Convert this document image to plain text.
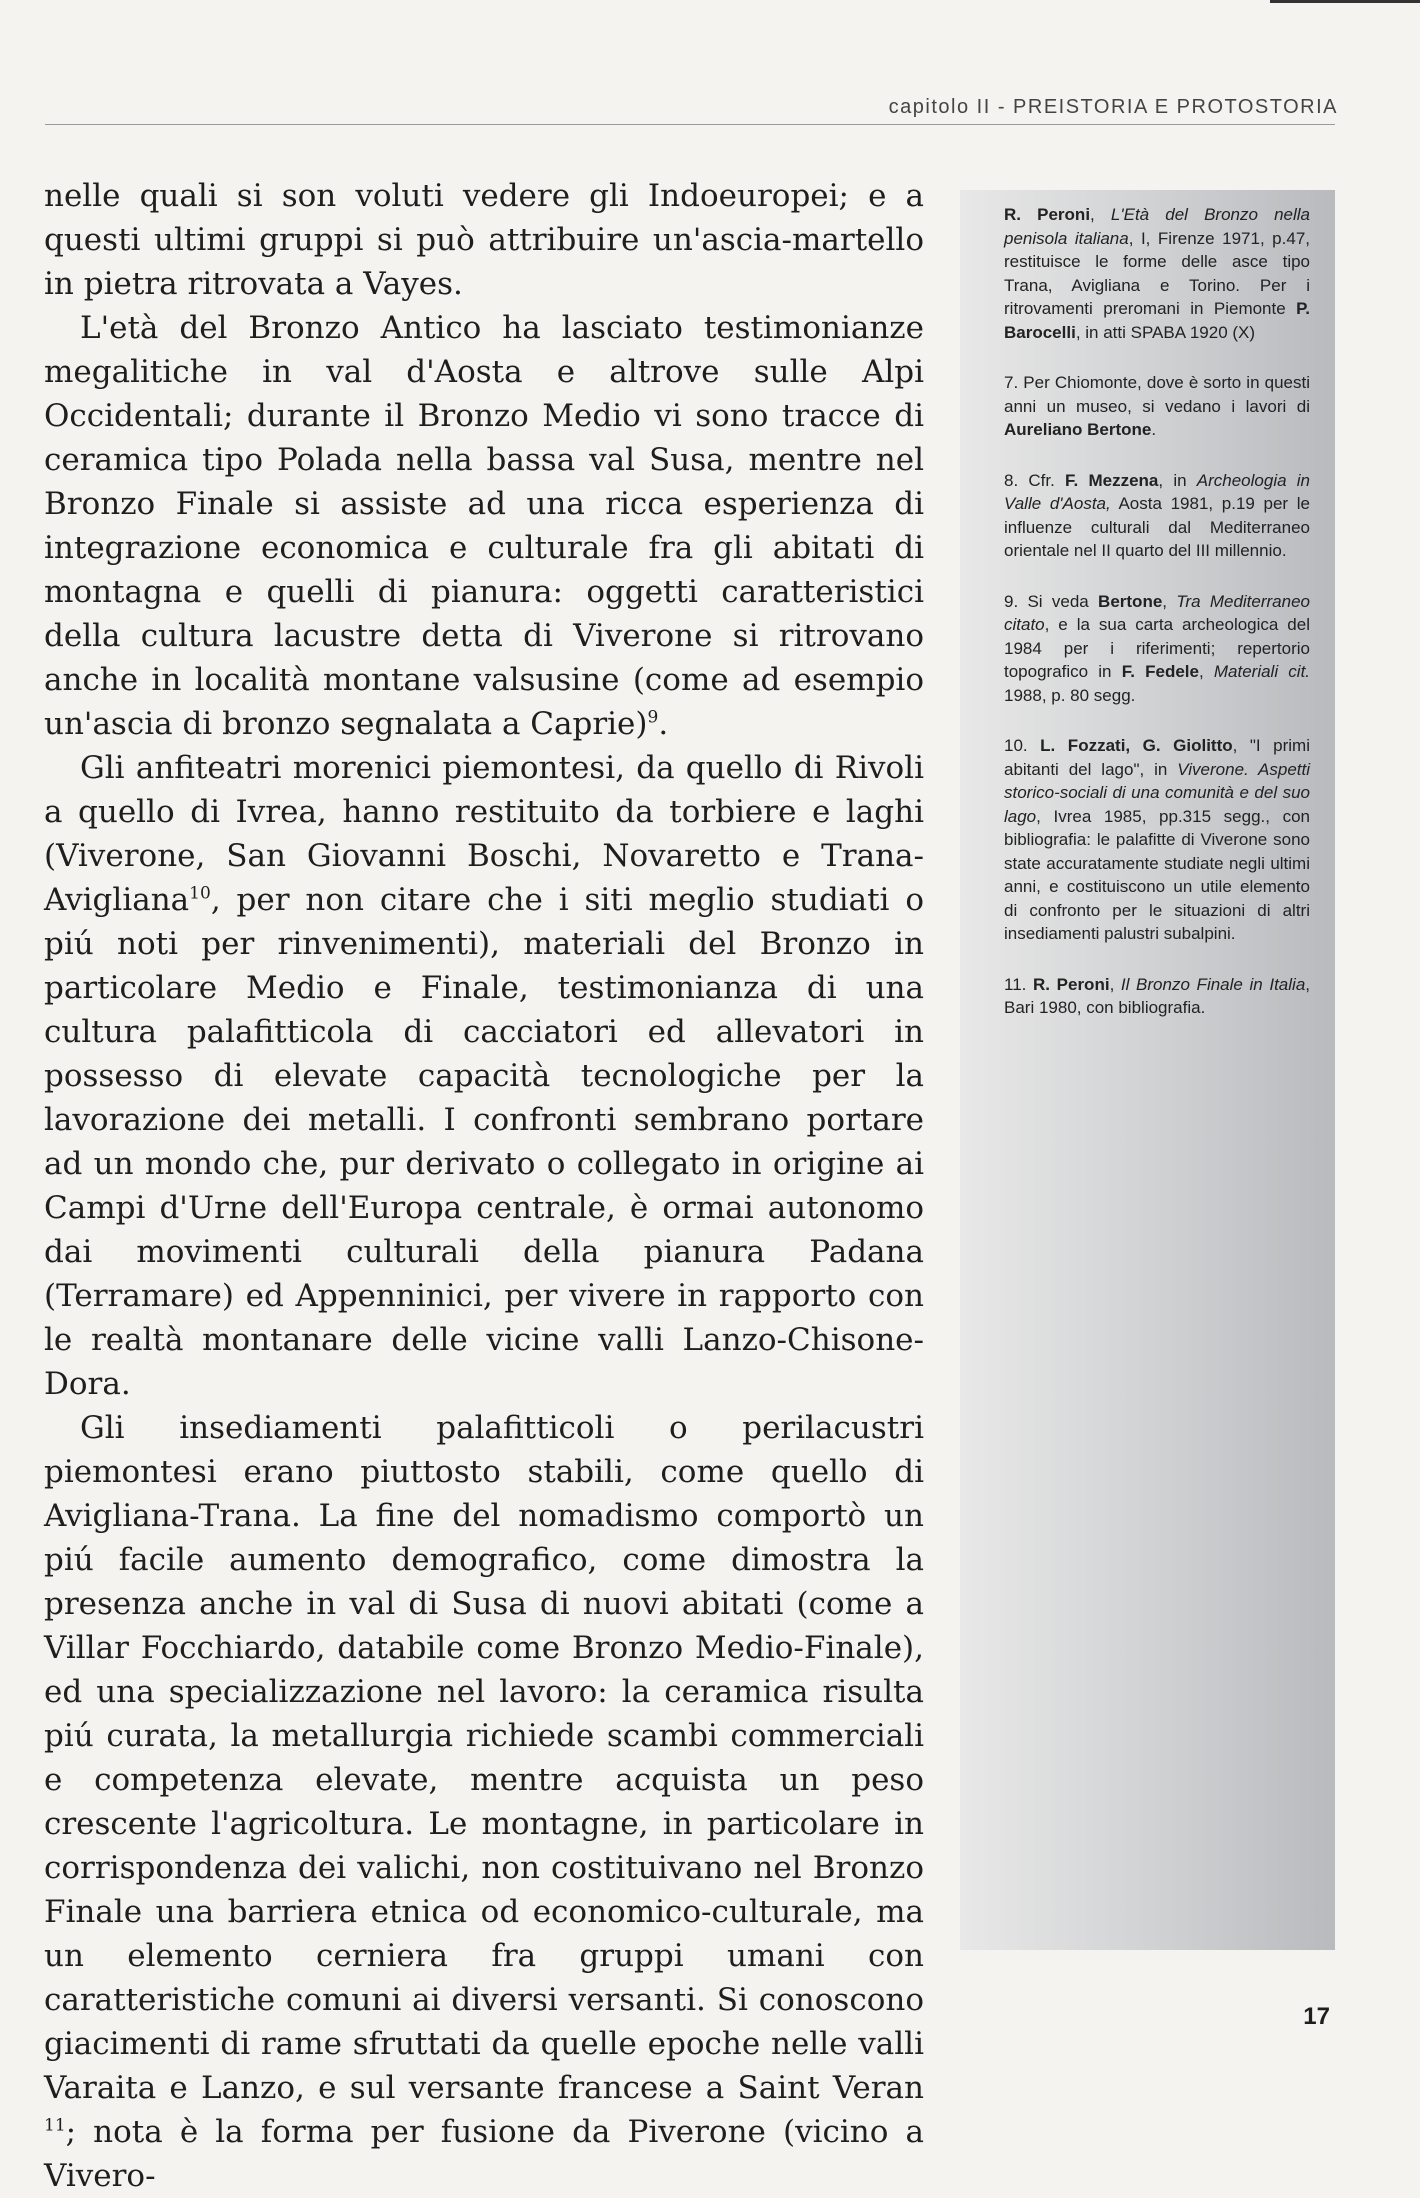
capitolo II - PREISTORIA E PROTOSTORIA

nelle quali si son voluti vedere gli Indoeuropei; e a questi ultimi gruppi si può attribuire un'ascia-martello in pietra ritrovata a Vayes.

L'età del Bronzo Antico ha lasciato testimonianze megalitiche in val d'Aosta e altrove sulle Alpi Occidentali; durante il Bronzo Medio vi sono tracce di ceramica tipo Polada nella bassa val Susa, mentre nel Bronzo Finale si assiste ad una ricca esperienza di integrazione economica e culturale fra gli abitati di montagna e quelli di pianura: oggetti caratteristici della cultura lacustre detta di Viverone si ritrovano anche in località montane valsusine (come ad esempio un'ascia di bronzo segnalata a Caprie)$^9$.

Gli anfiteatri morenici piemontesi, da quello di Rivoli a quello di Ivrea, hanno restituito da torbiere e laghi (Viverone, San Giovanni Boschi, Novaretto e Trana-Avigliana$^{10}$, per non citare che i siti meglio studiati o piú noti per rinvenimenti), materiali del Bronzo in particolare Medio e Finale, testimonianza di una cultura palafitticola di cacciatori ed allevatori in possesso di elevate capacità tecnologiche per la lavorazione dei metalli. I confronti sembrano portare ad un mondo che, pur derivato o collegato in origine ai Campi d'Urne dell'Europa centrale, è ormai autonomo dai movimenti culturali della pianura Padana (Terramare) ed Appenninici, per vivere in rapporto con le realtà montanare delle vicine valli Lanzo-Chisone-Dora.

Gli insediamenti palafitticoli o perilacustri piemontesi erano piuttosto stabili, come quello di Avigliana-Trana. La fine del nomadismo comportò un piú facile aumento demografico, come dimostra la presenza anche in val di Susa di nuovi abitati (come a Villar Focchiardo, databile come Bronzo Medio-Finale), ed una specializzazione nel lavoro: la ceramica risulta piú curata, la metallurgia richiede scambi commerciali e competenza elevate, mentre acquista un peso crescente l'agricoltura. Le montagne, in particolare in corrispondenza dei valichi, non costituivano nel Bronzo Finale una barriera etnica od economico-culturale, ma un elemento cerniera fra gruppi umani con caratteristiche comuni ai diversi versanti. Si conoscono giacimenti di rame sfruttati da quelle epoche nelle valli Varaita e Lanzo, e sul versante francese a Saint Veran $^{11}$; nota è la forma per fusione da Piverone (vicino a Vivero-

R. Peroni, L'Età del Bronzo nella penisola italiana, I, Firenze 1971, p.47, restituisce le forme delle asce tipo Trana, Avigliana e Torino. Per i ritrovamenti preromani in Piemonte P. Barocelli, in atti SPABA 1920 (X)

7. Per Chiomonte, dove è sorto in questi anni un museo, si vedano i lavori di Aureliano Bertone.

8. Cfr. F. Mezzena, in Archeologia in Valle d'Aosta, Aosta 1981, p.19 per le influenze culturali dal Mediterraneo orientale nel II quarto del III millennio.

9. Si veda Bertone, Tra Mediterraneo citato, e la sua carta archeologica del 1984 per i riferimenti; repertorio topografico in F. Fedele, Materiali cit. 1988, p. 80 segg.

10. L. Fozzati, G. Giolitto, "I primi abitanti del lago", in Viverone. Aspetti storico-sociali di una comunità e del suo lago, Ivrea 1985, pp.315 segg., con bibliografia: le palafitte di Viverone sono state accuratamente studiate negli ultimi anni, e costituiscono un utile elemento di confronto per le situazioni di altri insediamenti palustri subalpini.

11. R. Peroni, Il Bronzo Finale in Italia, Bari 1980, con bibliografia.

17
